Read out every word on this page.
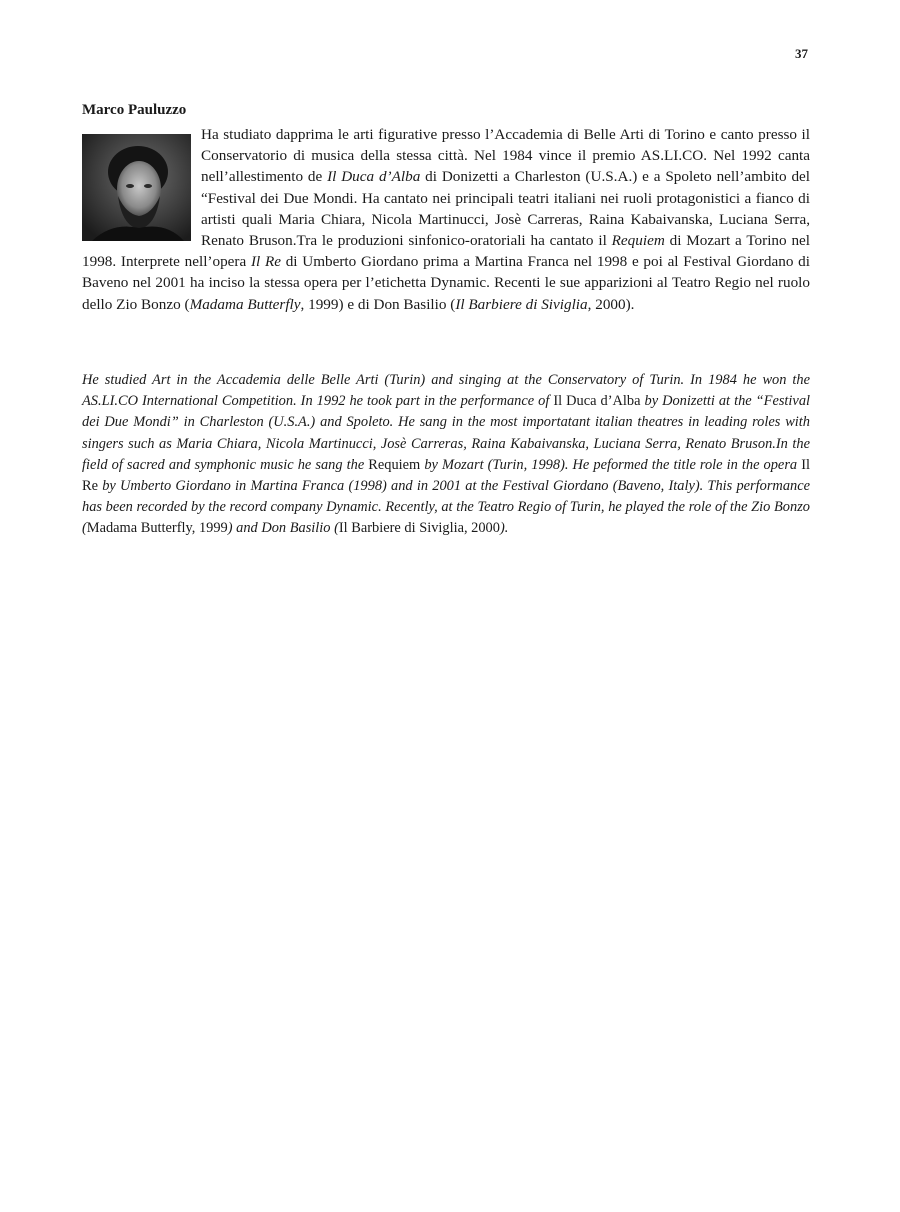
37
Marco Pauluzzo

Ha studiato dapprima le arti figurative presso l’Accademia di Belle Arti di Torino e canto presso il Conservatorio di musica della stessa città. Nel 1984 vince il premio AS.LI.CO. Nel 1992 canta nell’allestimento de Il Duca d’Alba di Donizetti a Charleston (U.S.A.) e a Spoleto nell’ambito del “Festival dei Due Mondi. Ha cantato nei principali teatri italiani nei ruoli protagonistici a fianco di artisti quali Maria Chiara, Nicola Martinucci, Josè Carreras, Raina Kabaivanska, Luciana Serra, Renato Bruson.Tra le produzioni sinfonico-oratoriali ha cantato il Requiem di Mozart a Torino nel 1998. Interprete nell’opera Il Re di Umberto Giordano prima a Martina Franca nel 1998 e poi al Festival Giordano di Baveno nel 2001 ha inciso la stessa opera per l’etichetta Dynamic. Recenti le sue apparizioni al Teatro Regio nel ruolo dello Zio Bonzo (Madama Butterfly, 1999) e di Don Basilio (Il Barbiere di Siviglia, 2000).

He studied Art in the Accademia delle Belle Arti (Turin) and singing at the Conservatory of Turin. In 1984 he won the AS.LI.CO International Competition. In 1992 he took part in the performance of Il Duca d’Alba by Donizetti at the “Festival dei Due Mondi” in Charleston (U.S.A.) and Spoleto. He sang in the most importatant italian theatres in leading roles with singers such as Maria Chiara, Nicola Martinucci, Josè Carreras, Raina Kabaivanska, Luciana Serra, Renato Bruson.In the field of sacred and symphonic music he sang the Requiem by Mozart (Turin, 1998). He peformed the title role in the opera Il Re by Umberto Giordano in Martina Franca (1998) and in 2001 at the Festival Giordano (Baveno, Italy). This performance has been recorded by the record company Dynamic. Recently, at the Teatro Regio of Turin, he played the role of the Zio Bonzo (Madama Butterfly, 1999) and Don Basilio (Il Barbiere di Siviglia, 2000).
